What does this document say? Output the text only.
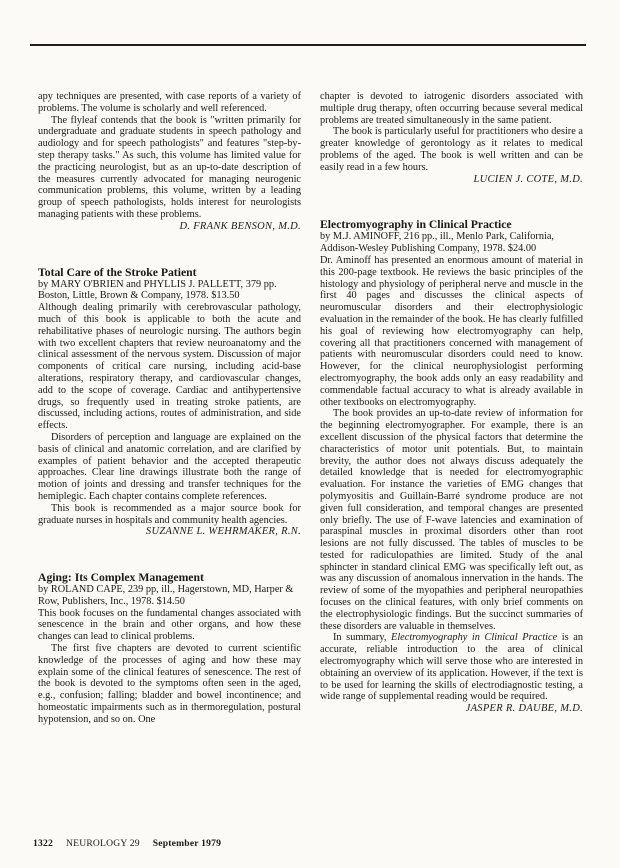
apy techniques are presented, with case reports of a variety of problems. The volume is scholarly and well referenced.

The flyleaf contends that the book is "written primarily for undergraduate and graduate students in speech pathology and audiology and for speech pathologists" and features "step-by-step therapy tasks." As such, this volume has limited value for the practicing neurologist, but as an up-to-date description of the measures currently advocated for managing neurogenic communication problems, this volume, written by a leading group of speech pathologists, holds interest for neurologists managing patients with these problems.

D. FRANK BENSON, M.D.

Total Care of the Stroke Patient

by MARY O'BRIEN and PHYLLIS J. PALLETT, 379 pp. Boston, Little, Brown & Company, 1978. $13.50

Although dealing primarily with cerebrovascular pathology, much of this book is applicable to both the acute and rehabilitative phases of neurologic nursing. The authors begin with two excellent chapters that review neuroanatomy and the clinical assessment of the nervous system. Discussion of major components of critical care nursing, including acid-base alterations, respiratory therapy, and cardiovascular changes, add to the scope of coverage. Cardiac and antihypertensive drugs, so frequently used in treating stroke patients, are discussed, including actions, routes of administration, and side effects.

Disorders of perception and language are explained on the basis of clinical and anatomic correlation, and are clarified by examples of patient behavior and the accepted therapeutic approaches. Clear line drawings illustrate both the range of motion of joints and dressing and transfer techniques for the hemiplegic. Each chapter contains complete references.

This book is recommended as a major source book for graduate nurses in hospitals and community health agencies.

SUZANNE L. WEHRMAKER, R.N.

Aging: Its Complex Management

by ROLAND CAPE, 239 pp, ill., Hagerstown, MD, Harper & Row, Publishers, Inc., 1978. $14.50

This book focuses on the fundamental changes associated with senescence in the brain and other organs, and how these changes can lead to clinical problems.

The first five chapters are devoted to current scientific knowledge of the processes of aging and how these may explain some of the clinical features of senescence. The rest of the book is devoted to the symptoms often seen in the aged, e.g., confusion; falling; bladder and bowel incontinence; and homeostatic impairments such as in thermoregulation, postural hypotension, and so on. One

chapter is devoted to iatrogenic disorders associated with multiple drug therapy, often occurring because several medical problems are treated simultaneously in the same patient.

The book is particularly useful for practitioners who desire a greater knowledge of gerontology as it relates to medical problems of the aged. The book is well written and can be easily read in a few hours.

LUCIEN J. COTE, M.D.

Electromyography in Clinical Practice

by M.J. AMINOFF, 216 pp., ill., Menlo Park, California, Addison-Wesley Publishing Company, 1978. $24.00

Dr. Aminoff has presented an enormous amount of material in this 200-page textbook. He reviews the basic principles of the histology and physiology of peripheral nerve and muscle in the first 40 pages and discusses the clinical aspects of neuromuscular disorders and their electrophysiologic evaluation in the remainder of the book. He has clearly fulfilled his goal of reviewing how electromyography can help, covering all that practitioners concerned with management of patients with neuromuscular disorders could need to know. However, for the clinical neurophysiologist performing electromyography, the book adds only an easy readability and commendable factual accuracy to what is already available in other textbooks on electromyography.

The book provides an up-to-date review of information for the beginning electromyographer. For example, there is an excellent discussion of the physical factors that determine the characteristics of motor unit potentials. But, to maintain brevity, the author does not always discuss adequately the detailed knowledge that is needed for electromyographic evaluation. For instance the varieties of EMG changes that polymyositis and Guillain-Barré syndrome produce are not given full consideration, and temporal changes are presented only briefly. The use of F-wave latencies and examination of paraspinal muscles in proximal disorders other than root lesions are not fully discussed. The tables of muscles to be tested for radiculopathies are limited. Study of the anal sphincter in standard clinical EMG was specifically left out, as was any discussion of anomalous innervation in the hands. The review of some of the myopathies and peripheral neuropathies focuses on the clinical features, with only brief comments on the electrophysiologic findings. But the succinct summaries of these disorders are valuable in themselves.

In summary, Electromyography in Clinical Practice is an accurate, reliable introduction to the area of clinical electromyography which will serve those who are interested in obtaining an overview of its application. However, if the text is to be used for learning the skills of electrodiagnostic testing, a wide range of supplemental reading would be required.

JASPER R. DAUBE, M.D.

1322 NEUROLOGY 29 September 1979
